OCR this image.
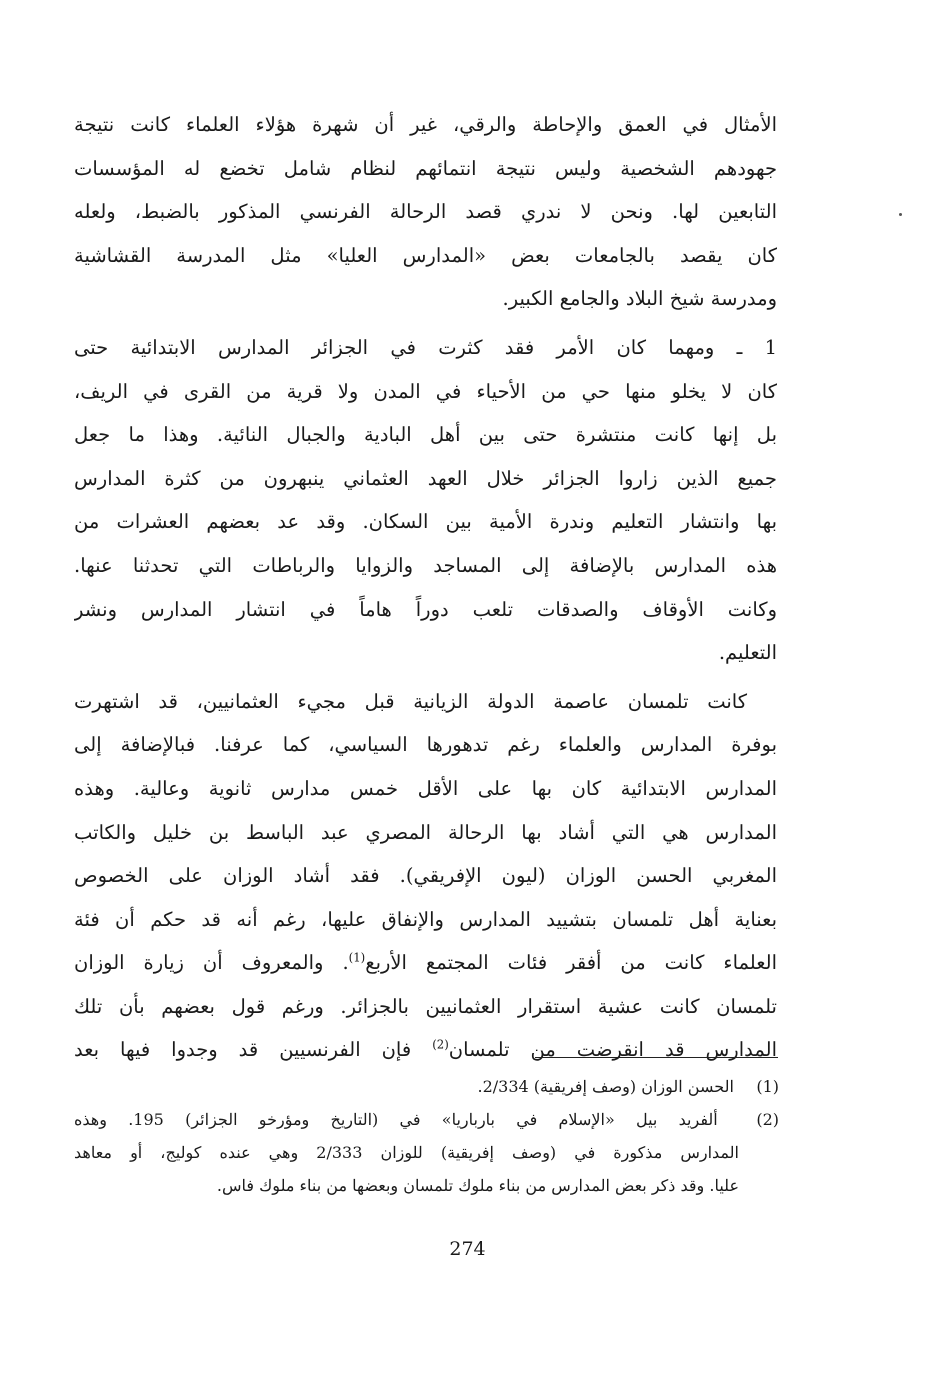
الأمثال في العمق والإحاطة والرقي، غير أن شهرة هؤلاء العلماء كانت نتيجة
جهودهم الشخصية وليس نتيجة انتمائهم لنظام شامل تخضع له المؤسسات
التابعين لها. ونحن لا ندري قصد الرحالة الفرنسي المذكور بالضبط، ولعله
كان يقصد بالجامعات بعض «المدارس العليا» مثل المدرسة القشاشية
ومدرسة شيخ البلاد والجامع الكبير.
1 ـ ومهما كان الأمر فقد كثرت في الجزائر المدارس الابتدائية حتى
كان لا يخلو منها حي من الأحياء في المدن ولا قرية من القرى في الريف،
بل إنها كانت منتشرة حتى بين أهل البادية والجبال النائية. وهذا ما جعل
جميع الذين زاروا الجزائر خلال العهد العثماني ينبهرون من كثرة المدارس
بها وانتشار التعليم وندرة الأمية بين السكان. وقد عد بعضهم العشرات من
هذه المدارس بالإضافة إلى المساجد والزوايا والرباطات التي تحدثنا عنها.
وكانت الأوقاف والصدقات تلعب دوراً هاماً في انتشار المدارس ونشر
التعليم.
كانت تلمسان عاصمة الدولة الزيانية قبل مجيء العثمانيين، قد اشتهرت
بوفرة المدارس والعلماء رغم تدهورها السياسي، كما عرفنا. فبالإضافة إلى
المدارس الابتدائية كان بها على الأقل خمس مدارس ثانوية وعالية. وهذه
المدارس هي التي أشاد بها الرحالة المصري عبد الباسط بن خليل والكاتب
المغربي الحسن الوزان (ليون الإفريقي). فقد أشاد الوزان على الخصوص
بعناية أهل تلمسان بتشييد المدارس والإنفاق عليها، رغم أنه قد حكم أن فئة
العلماء كانت من أفقر فئات المجتمع الأربع$^{(1)}$. والمعروف أن زيارة الوزان
تلمسان كانت عشية استقرار العثمانيين بالجزائر. ورغم قول بعضهم بأن تلك
المدارس قد انقرضت من تلمسان$^{(2)}$ فإن الفرنسيين قد وجدوا فيها بعد
(1) الحسن الوزان (وصف إفريقية) 2/334.
(2) ألفريد بيل «الإسلام في بارباريا» في (التاريخ ومؤرخو الجزائر) 195. وهذه
المدارس مذكورة في (وصف إفريقية) للوزان 2/333 وهي عنده كوليج، أو معاهد
عليا. وقد ذكر بعض المدارس من بناء ملوك تلمسان وبعضها من بناء ملوك فاس.
274
